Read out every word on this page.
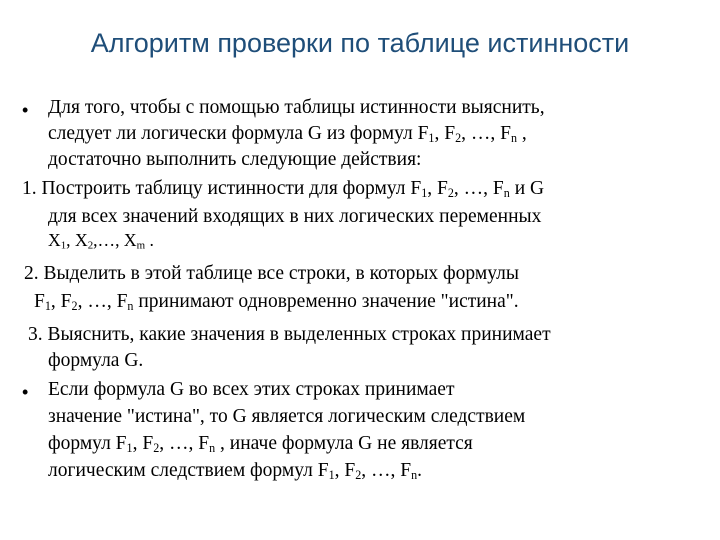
Алгоритм проверки по таблице истинности
• Для того, чтобы с помощью таблицы истинности выяснить,
следует ли логически формула G из формул $F_1$, $F_2$, …, $F_n$ ,
достаточно выполнить следующие действия:
1. Построить таблицу истинности для формул $F_1$, $F_2$, …, $F_n$ и G
для всех значений входящих в них логических переменных
$X_1$, $X_2,\dots$, $X_m$ .
2. Выделить в этой таблице все строки, в которых формулы
$F_1$, $F_2$, …, $F_n$ принимают одновременно значение "истина".
3. Выяснить, какие значения в выделенных строках принимает
формула G.
• Если формула G во всех этих строках принимает
значение "истина", то G является логическим следствием
формул $F_1$, $F_2$, …, $F_n$ , иначе формула G не является
логическим следствием формул $F_1$, $F_2$, …, $F_n$.
